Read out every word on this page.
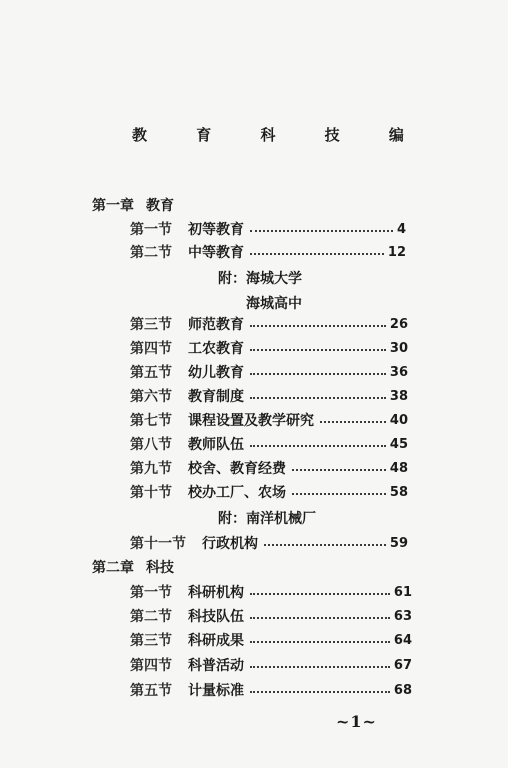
教 育 科 技 编
第一章 教育
第一节 初等教育	4
第二节 中等教育	12
附：海城大学
海城高中
第三节 师范教育	26
第四节 工农教育	30
第五节 幼儿教育	36
第六节 教育制度	38
第七节 课程设置及教学研究	40
第八节 教师队伍	45
第九节 校舍、教育经费	48
第十节 校办工厂、农场	58
附：南洋机械厂
第十一节 行政机构	59
第二章 科技
第一节 科研机构	61
第二节 科技队伍	63
第三节 科研成果	64
第四节 科普活动	67
第五节 计量标准	68
~1~
